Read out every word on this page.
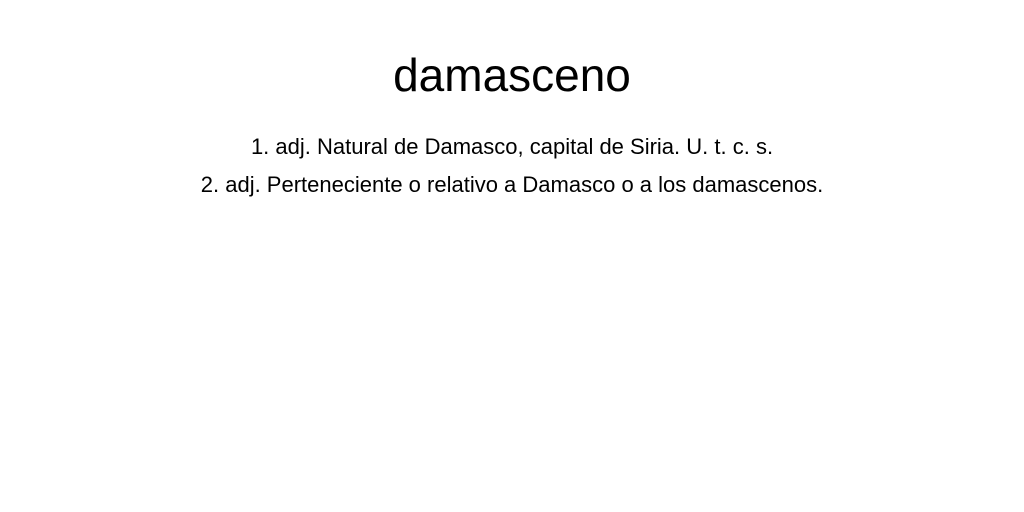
damasceno
1. adj. Natural de Damasco, capital de Siria. U. t. c. s.
2. adj. Perteneciente o relativo a Damasco o a los damascenos.
